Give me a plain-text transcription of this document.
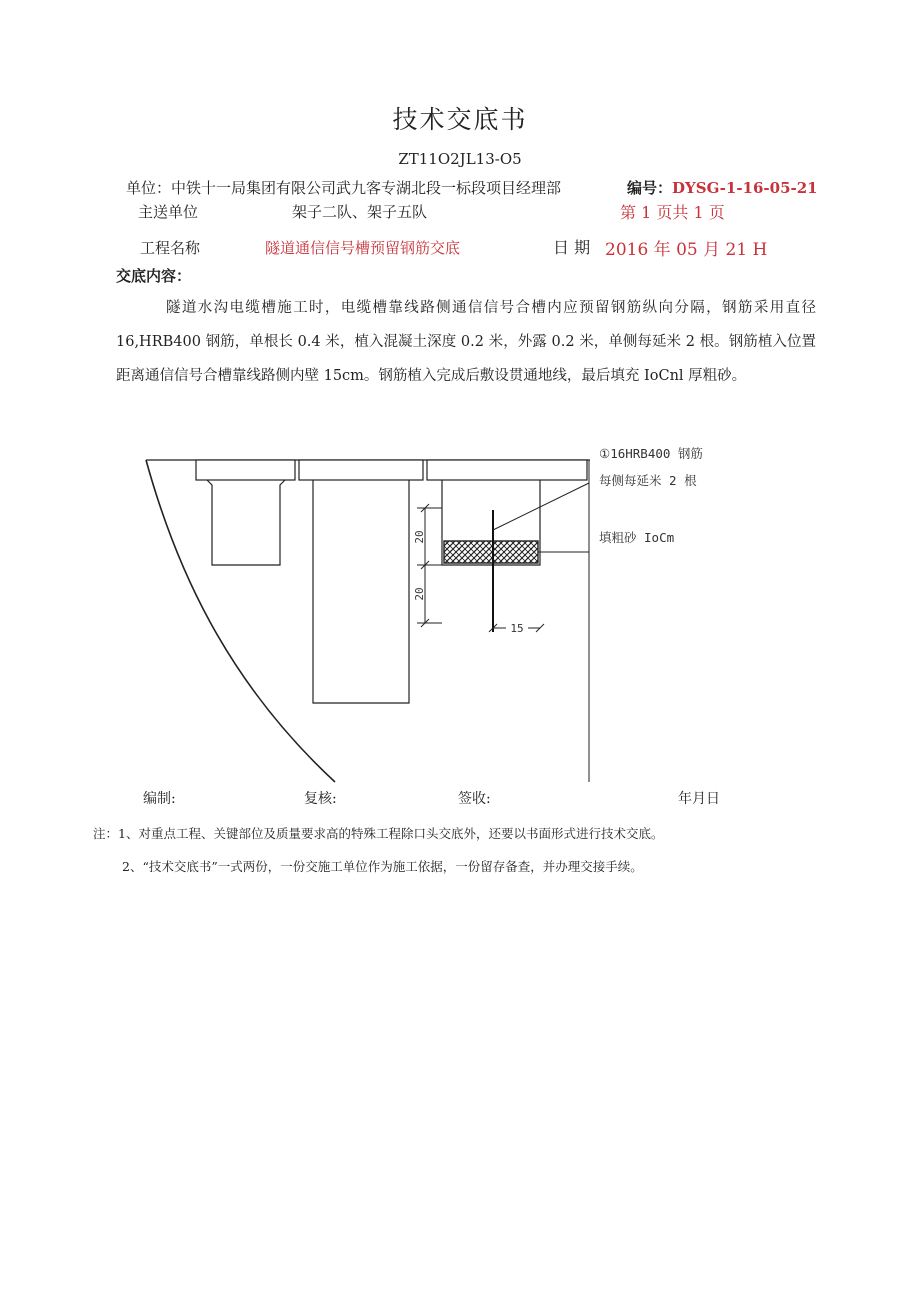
技术交底书
ZT11O2JL13-O5
单位：中铁十一局集团有限公司武九客专湖北段一标段项目经理部	编号：DYSG-1-16-05-21
主送单位	架子二队、架子五队	第 1 页共 1 页
工程名称	隧道通信信号槽预留钢筋交底	日 期 2016 年 05 月 21 H
交底内容：

隧道水沟电缆槽施工时，电缆槽靠线路侧通信信号合槽内应预留钢筋纵向分隔，钢筋采用直径16,HRB400 钢筋，单根长 0.4 米，植入混凝土深度 0.2 米，外露 0.2 米，单侧每延米 2 根。钢筋植入位置距离通信信号合槽靠线路侧内壁 15cm。钢筋植入完成后敷设贯通地线，最后填充 IoCnl 厚粗砂。

20
20
15
①16HRB400 钢筋
每侧每延米 2 根
填粗砂 IoCm
编制:	复核:	签收:	年月日
注：1、对重点工程、关键部位及质量要求高的特殊工程除口头交底外，还要以书面形式进行技术交底。
2、“技术交底书”一式两份，一份交施工单位作为施工依据，一份留存备查，并办理交接手续。
